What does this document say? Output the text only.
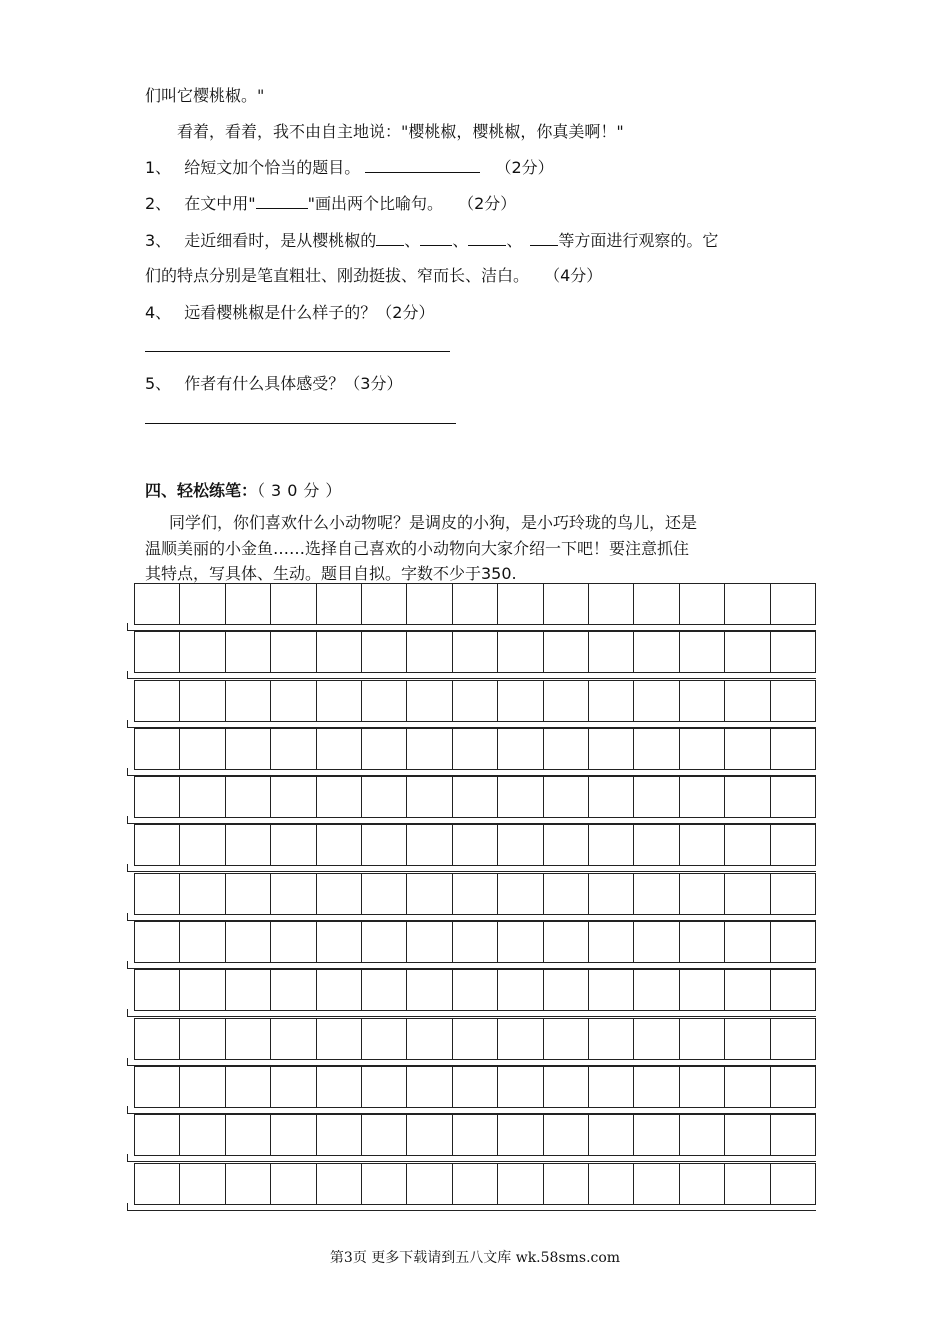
们叫它樱桃椒。"
看着，看着，我不由自主地说："樱桃椒，樱桃椒，你真美啊！"
1、 给短文加个恰当的题目。	（2分）
2、 在文中用"	"画出两个比喻句。 （2分）
3、 走近细看时，是从樱桃椒的 、 、 、 等方面进行观察的。它
们的特点分别是笔直粗壮、刚劲挺拔、窄而长、洁白。 （4分）
4、 远看樱桃椒是什么样子的？（2分）
5、 作者有什么具体感受？（3分）
四、轻松练笔：（30分）
同学们，你们喜欢什么小动物呢？是调皮的小狗，是小巧玲珑的鸟儿，还是
温顺美丽的小金鱼……选择自己喜欢的小动物向大家介绍一下吧！要注意抓住
其特点，写具体、生动。题目自拟。字数不少于350.
第3页 更多下载请到五八文库 wk.58sms.com
